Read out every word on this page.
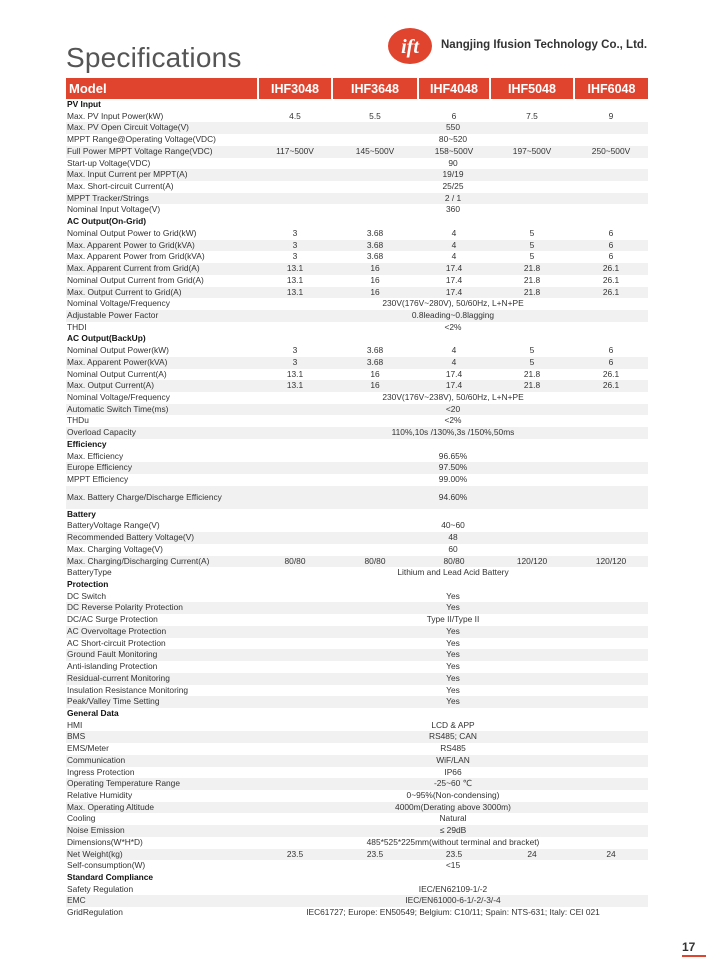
Specifications	ift Nangjing Ifusion Technology Co., Ltd.
Model	IHF3048	IHF3648	IHF4048	IHF5048	IHF6048
PV Input					
Max. PV Input Power(kW)	4.5	5.5	6	7.5	9
Max. PV Open Circuit Voltage(V)	550				
MPPT Range@Operating Voltage(VDC)	80~520				
Full Power MPPT Voltage Range(VDC)	117~500V	145~500V	158~500V	197~500V	250~500V
Start-up Voltage(VDC)	90				
Max. Input Current per MPPT(A)	19/19				
Max. Short-circuit Current(A)	25/25				
MPPT Tracker/Strings	2 / 1				
Nominal Input Voltage(V)	360				
AC Output(On-Grid)					
Nominal Output Power to Grid(kW)	3	3.68	4	5	6
Max. Apparent Power to Grid(kVA)	3	3.68	4	5	6
Max. Apparent Power from Grid(kVA)	3	3.68	4	5	6
Max. Apparent Current from Grid(A)	13.1	16	17.4	21.8	26.1
Nominal Output Current from Grid(A)	13.1	16	17.4	21.8	26.1
Max. Output Current to Grid(A)	13.1	16	17.4	21.8	26.1
Nominal Voltage/Frequency	230V(176V~280V), 50/60Hz, L+N+PE				
Adjustable Power Factor	0.8leading~0.8lagging				
THDI	<2%				
AC Output(BackUp)					
Nominal Output Power(kW)	3	3.68	4	5	6
Max. Apparent Power(kVA)	3	3.68	4	5	6
Nominal Output Current(A)	13.1	16	17.4	21.8	26.1
Max. Output Current(A)	13.1	16	17.4	21.8	26.1
Nominal Voltage/Frequency	230V(176V~238V), 50/60Hz, L+N+PE				
Automatic Switch Time(ms)	<20				
THDu	<2%				
Overload Capacity	110%,10s /130%,3s /150%,50ms				
Efficiency					
Max. Efficiency	96.65%				
Europe Efficiency	97.50%				
MPPT Efficiency	99.00%				
Max. Battery Charge/Discharge Efficiency	94.60%				
Battery					
BatteryVoltage Range(V)	40~60				
Recommended Battery Voltage(V)	48				
Max. Charging Voltage(V)	60				
Max. Charging/Discharging Current(A)	80/80	80/80	80/80	120/120	120/120
BatteryType	Lithium and Lead Acid Battery				
Protection					
DC Switch	Yes				
DC Reverse Polarity Protection	Yes				
DC/AC Surge Protection	Type II/Type II				
AC Overvoltage Protection	Yes				
AC Short-circuit Protection	Yes				
Ground Fault Monitoring	Yes				
Anti-islanding Protection	Yes				
Residual-current Monitoring	Yes				
Insulation Resistance Monitoring	Yes				
Peak/Valley Time Setting	Yes				
General Data					
HMI	LCD & APP				
BMS	RS485; CAN				
EMS/Meter	RS485				
Communication	WiF/LAN				
Ingress Protection	IP66				
Operating Temperature Range	-25~60 ℃				
Relative Humidity	0~95%(Non-condensing)				
Max. Operating Altitude	4000m(Derating above 3000m)				
Cooling	Natural				
Noise Emission	≤ 29dB				
Dimensions(W*H*D)	485*525*225mm(without terminal and bracket)				
Net Weight(kg)	23.5	23.5	23.5	24	24
Self-consumption(W)	<15				
Standard Compliance					
Safety Regulation	IEC/EN62109-1/-2				
EMC	IEC/EN61000-6-1/-2/-3/-4				
GridRegulation	IEC61727; Europe: EN50549; Belgium: C10/11; Spain: NTS-631; Italy: CEI 021				
17
